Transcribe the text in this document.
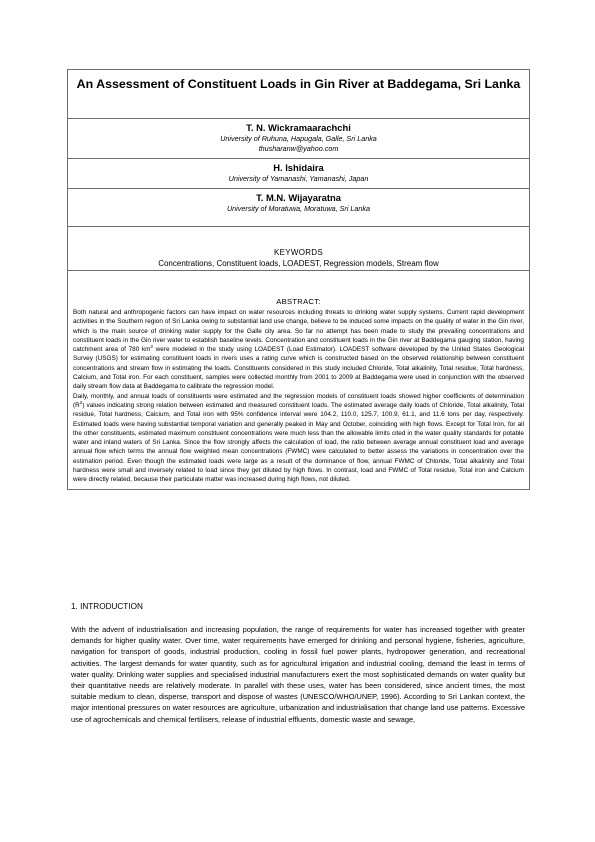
An Assessment of Constituent Loads in Gin River at Baddegama, Sri Lanka

T. N. Wickramaarachchi
University of Ruhuna, Hapugala, Galle, Sri Lanka
thusharanw@yahoo.com
H. Ishidaira
University of Yamanashi, Yamanashi, Japan
T. M.N. Wijayaratna
University of Moratuwa, Moratuwa, Sri Lanka
KEYWORDS
Concentrations, Constituent loads, LOADEST, Regression models, Stream flow
ABSTRACT:

Both natural and anthropogenic factors can have impact on water resources including threats to drinking water supply systems. Current rapid development activities in the Southern region of Sri Lanka owing to substantial land use change, believe to be induced some impacts on the quality of water in the Gin river, which is the main source of drinking water supply for the Galle city area. So far no attempt has been made to study the prevailing concentrations and constituent loads in the Gin river water to establish baseline levels. Concentration and constituent loads in the Gin river at Baddegama gauging station, having catchment area of 780 $km^2$ were modeled in the study using LOADEST (Load Estimator). LOADEST software developed by the United States Geological Survey (USGS) for estimating constituent loads in rivers uses a rating curve which is constructed based on the observed relationship between constituent concentrations and stream flow in estimating the loads. Constituents considered in this study included Chloride, Total alkalinity, Total residue, Total hardness, Calcium, and Total iron. For each constituent, samples were collected monthly from 2001 to 2009 at Baddegama were used in conjunction with the observed daily stream flow data at Baddegama to calibrate the regression model.

Daily, monthly, and annual loads of constituents were estimated and the regression models of constituent loads showed higher coefficients of determination $(R^2)$ values indicating strong relation between estimated and measured constituent loads. The estimated average daily loads of Chloride, Total alkalinity, Total residue, Total hardness, Calcium, and Total iron with 95% confidence interval were 104.2, 110.0, 125.7, 100.9, 61.1, and 11.6 tons per day, respectively. Estimated loads were having substantial temporal variation and generally peaked in May and October, coinciding with high flows. Except for Total Iron, for all the other constituents, estimated maximum constituent concentrations were much less than the allowable limits cited in the water quality standards for potable water and inland waters of Sri Lanka. Since the flow strongly affects the calculation of load, the ratio between average annual constituent load and average annual flow which terms the annual flow weighted mean concentrations (FWMC) were calculated to better assess the variations in concentration over the estimation period. Even though the estimated loads were large as a result of the dominance of flow, annual FWMC of Chloride, Total alkalinity and Total hardness were small and inversely related to load since they get diluted by high flows. In contrast, load and FWMC of Total residue, Total iron and Calcium were directly related, because their particulate matter was increased during high flows, not diluted.

1. INTRODUCTION

With the advent of industrialisation and increasing population, the range of requirements for water has increased together with greater demands for higher quality water. Over time, water requirements have emerged for drinking and personal hygiene, fisheries, agriculture, navigation for transport of goods, industrial production, cooling in fossil fuel power plants, hydropower generation, and recreational activities. The largest demands for water quantity, such as for agricultural irrigation and industrial cooling, demand the least in terms of water quality. Drinking water supplies and specialised industrial manufacturers exert the most sophisticated demands on water quality but their quantitative needs are relatively moderate. In parallel with these uses, water has been considered, since ancient times, the most suitable medium to clean, disperse, transport and dispose of wastes (UNESCO/WHO/UNEP, 1996). According to Sri Lankan context, the major intentional pressures on water resources are agriculture, urbanization and industrialisation that change land use patterns. Excessive use of agrochemicals and chemical fertilisers, release of industrial effluents, domestic waste and sewage,
